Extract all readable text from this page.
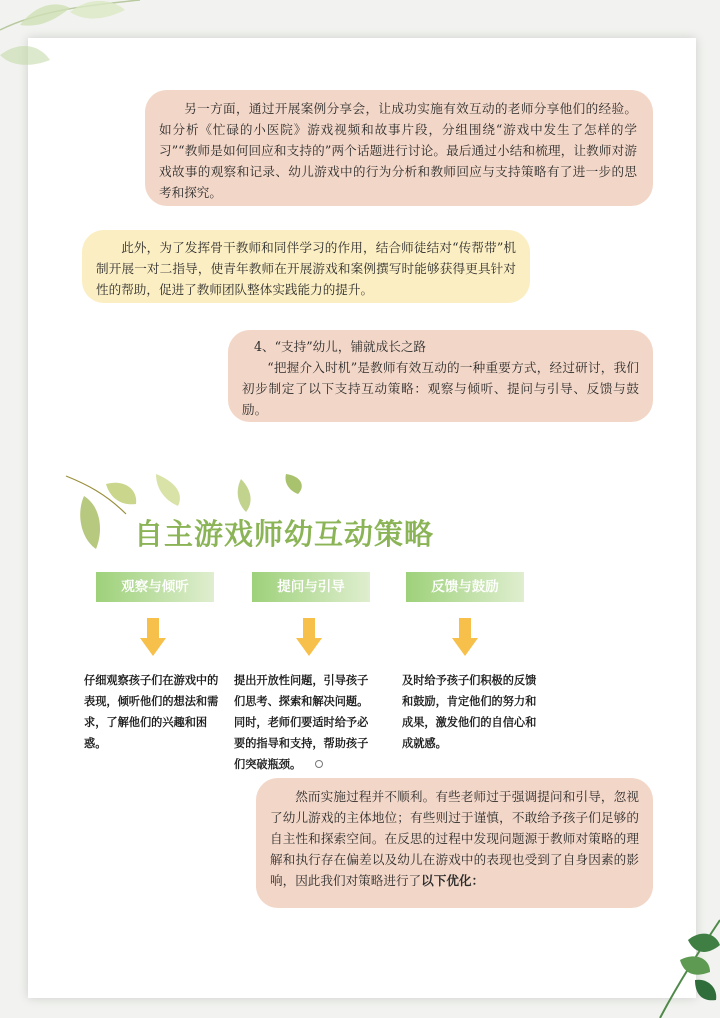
另一方面，通过开展案例分享会，让成功实施有效互动的老师分享他们的经验。如分析《忙碌的小医院》游戏视频和故事片段，分组围绕“游戏中发生了怎样的学习”“教师是如何回应和支持的”两个话题进行讨论。最后通过小结和梳理，让教师对游戏故事的观察和记录、幼儿游戏中的行为分析和教师回应与支持策略有了进一步的思考和探究。

此外，为了发挥骨干教师和同伴学习的作用，结合师徒结对“传帮带”机制开展一对二指导，使青年教师在开展游戏和案例撰写时能够获得更具针对性的帮助，促进了教师团队整体实践能力的提升。

4、“支持”幼儿，铺就成长之路

“把握介入时机”是教师有效互动的一种重要方式，经过研讨，我们初步制定了以下支持互动策略：观察与倾听、提问与引导、反馈与鼓励。

自主游戏师幼互动策略
观察与倾听	提问与引导	反馈与鼓励
仔细观察孩子们在游戏中的表现，倾听他们的想法和需求，了解他们的兴趣和困惑。
提出开放性问题，引导孩子们思考、探索和解决问题。同时，老师们要适时给予必要的指导和支持，帮助孩子们突破瓶颈。
及时给予孩子们积极的反馈和鼓励，肯定他们的努力和成果，激发他们的自信心和成就感。

然而实施过程并不顺利。有些老师过于强调提问和引导，忽视了幼儿游戏的主体地位；有些则过于谨慎，不敢给予孩子们足够的自主性和探索空间。在反思的过程中发现问题源于教师对策略的理解和执行存在偏差以及幼儿在游戏中的表现也受到了自身因素的影响，因此我们对策略进行了以下优化：
